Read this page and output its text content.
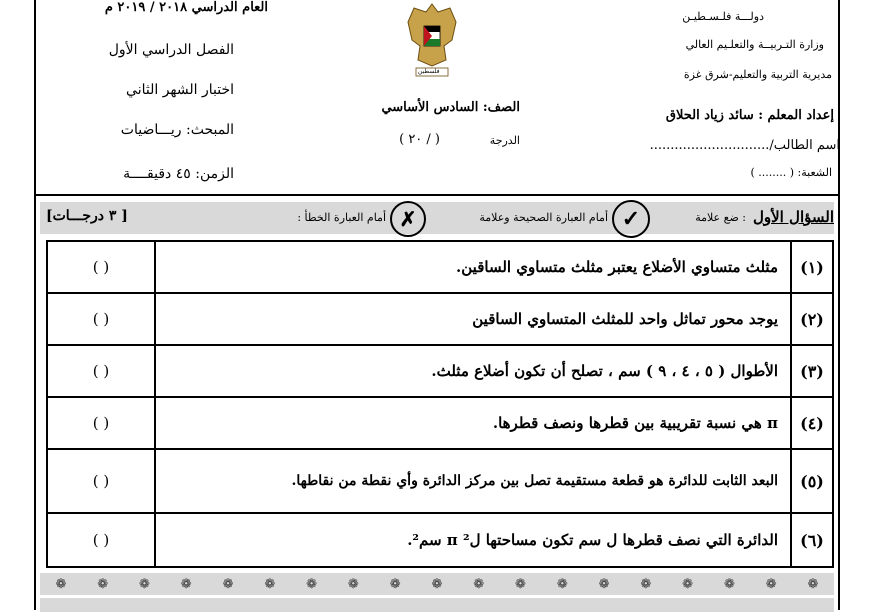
دولـــة فلـسـطيـن
وزارة التـربيــة والتعلـيم العالي
مديرية التربية والتعليم-شرق غزة
إعداد المعلم : سائد زياد الحلاق
اسم الطالب/.............................
الشعبة: ( ........ )
فلسطين
الصف: السادس الأساسي
الدرجة
( / ٢٠ )
العام الدراسي ٢٠١٨ / ٢٠١٩ م
الفصل الدراسي الأول
اختبار الشهر الثاني
المبحث: ريـــاضيات
الزمن: ٤٥ دقيقــــة
السؤال الأول
: ضع علامة
✓
أمام العبارة الصحيحة وعلامة
✗
أمام العبارة الخطأ :
[ ٣ درجـــات]
( )	مثلث متساوي الأضلاع يعتبر مثلث متساوي الساقين.	(١)
( )	يوجد محور تماثل واحد للمثلث المتساوي الساقين	(٢)
( )	الأطوال ( ٥ ، ٤ ، ٩ ) سم ، تصلح أن تكون أضلاع مثلث.	(٣)
( )	π هي نسبة تقريبية بين قطرها ونصف قطرها.	(٤)
( )	البعد الثابت للدائرة هو قطعة مستقيمة تصل بين مركز الدائرة وأي نقطة من نقاطها.	(٥)
( )	الدائرة التي نصف قطرها ل سم تكون مساحتها ل² π سم².	(٦)
❁ ❁ ❁ ❁ ❁ ❁ ❁ ❁ ❁ ❁ ❁ ❁ ❁ ❁ ❁ ❁ ❁ ❁ ❁
